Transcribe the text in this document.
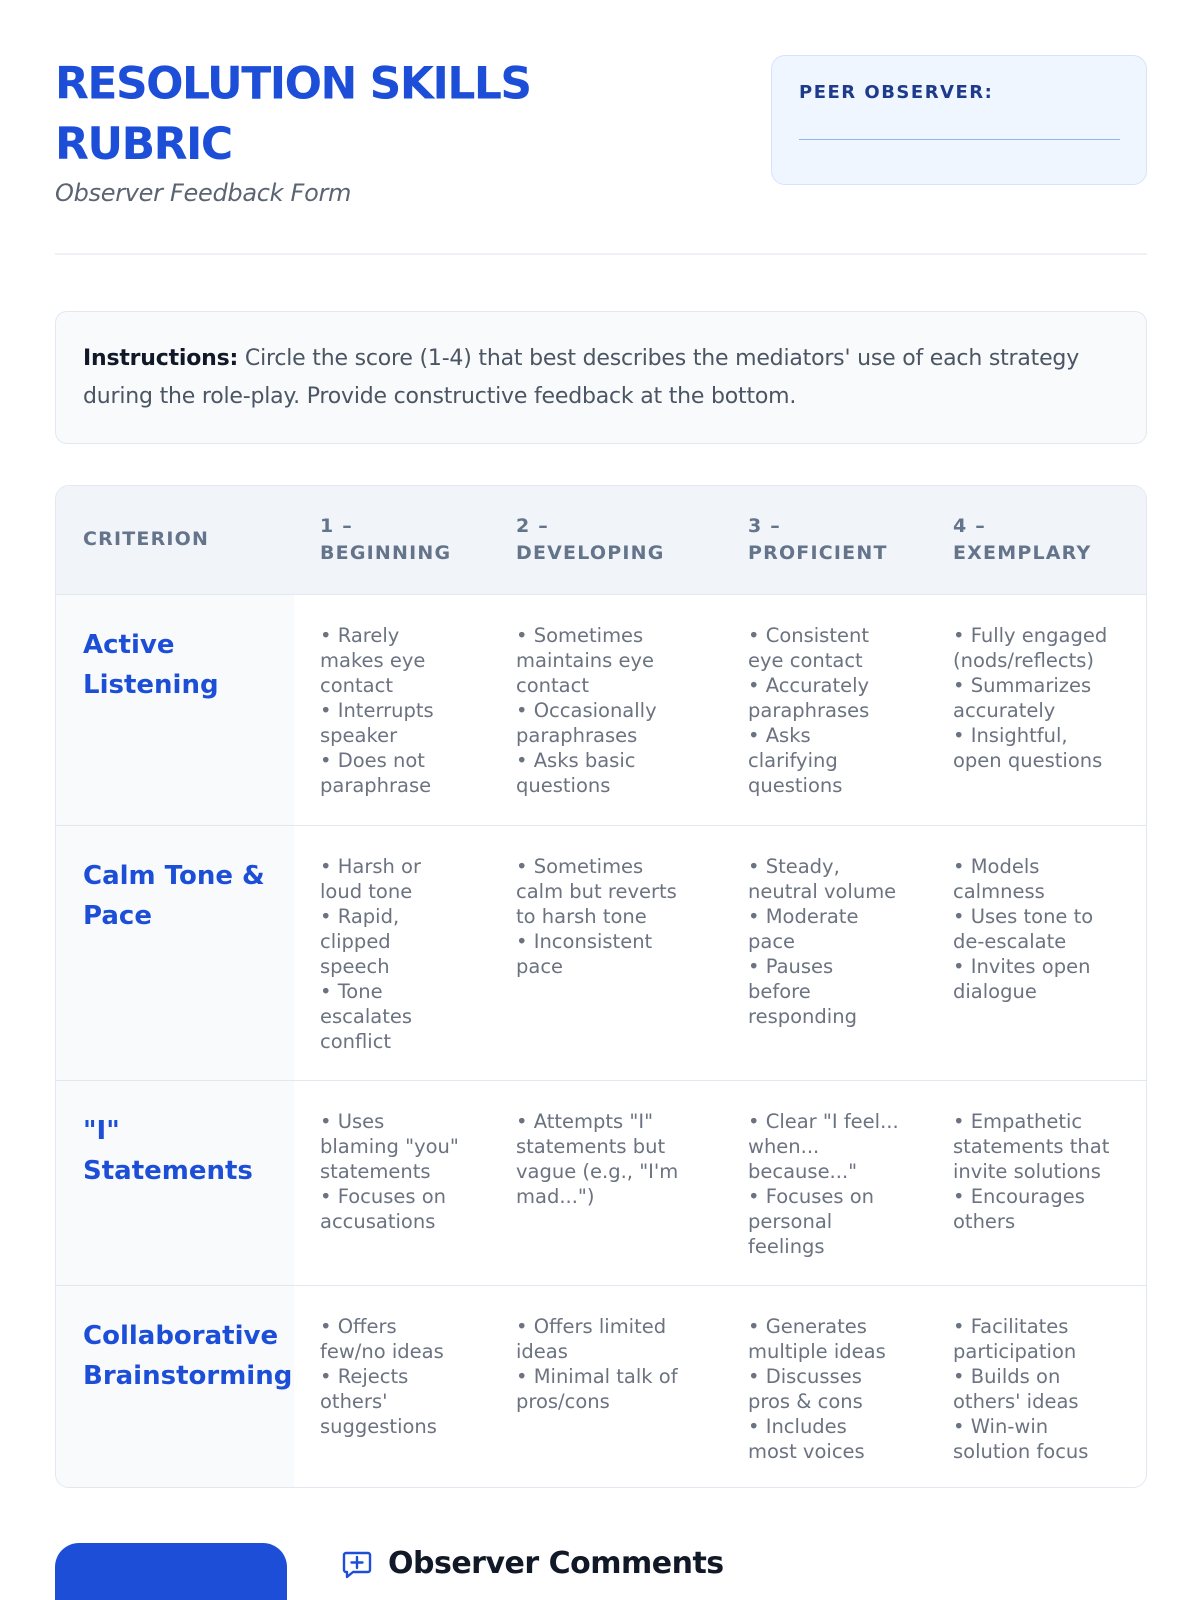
RESOLUTION SKILLS RUBRIC
Observer Feedback Form
PEER OBSERVER:
Instructions: Circle the score (1-4) that best describes the mediators' use of each strategy during the role-play. Provide constructive feedback at the bottom.
CRITERION	1 – BEGINNING	2 – DEVELOPING	3 – PROFICIENT	4 – EXEMPLARY
Active Listening	• Rarely makes eye contact
• Interrupts speaker
• Does not paraphrase	• Sometimes maintains eye contact
• Occasionally paraphrases
• Asks basic questions	• Consistent eye contact
• Accurately paraphrases
• Asks clarifying questions	• Fully engaged (nods/reflects)
• Summarizes accurately
• Insightful, open questions

Calm Tone & Pace	• Harsh or loud tone
• Rapid, clipped speech
• Tone escalates conflict	• Sometimes calm but reverts to harsh tone
• Inconsistent pace	• Steady, neutral volume
• Moderate pace
• Pauses before responding	• Models calmness
• Uses tone to de-escalate
• Invites open dialogue

"I" Statements	• Uses blaming "you" statements
• Focuses on accusations	• Attempts "I" statements but vague (e.g., "I'm mad...")	• Clear "I feel... when... because..."
• Focuses on personal feelings	• Empathetic statements that invite solutions
• Encourages others

Collaborative Brainstorming	• Offers few/no ideas
• Rejects others' suggestions	• Offers limited ideas
• Minimal talk of pros/cons	• Generates multiple ideas
• Discusses pros & cons
• Includes most voices	• Facilitates participation
• Builds on others' ideas
• Win-win solution focus
Observer Comments
